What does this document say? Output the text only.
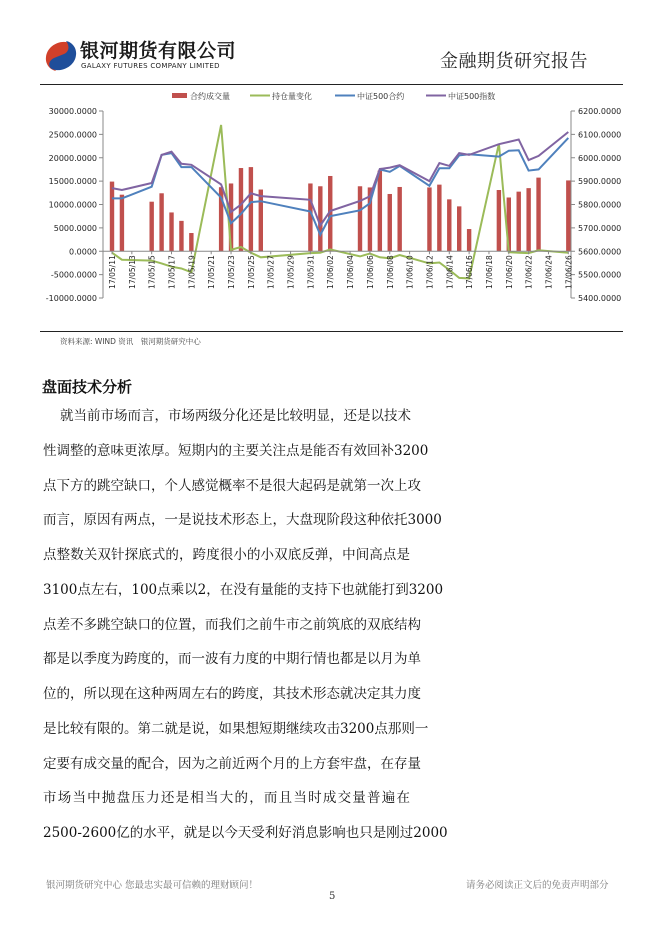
银河期货有限公司
GALAXY FUTURES COMPANY LIMITED	金融期货研究报告
合约成交量	持仓量变化	中证500合约	中证500指数
30000.0000
25000.0000
20000.0000
15000.0000
10000.0000
5000.0000
0.0000
-5000.0000
-10000.0000
6200.0000
6100.0000
6000.0000
5900.0000
5800.0000
5700.0000
5600.0000
5500.0000
5400.0000
17/05/11 17/05/13 17/05/15 17/05/17 17/05/19 17/05/21 17/05/23 17/05/25 17/05/27 17/05/29 17/05/31 17/06/02 17/06/04 17/06/06 17/06/08 17/06/10 17/06/12 17/06/14 17/06/16 17/06/18 17/06/20 17/06/22 17/06/24 17/06/26
资料来源: WIND 资讯　银河期货研究中心
盘面技术分析
就当前市场而言，市场两级分化还是比较明显，还是以技术
性调整的意味更浓厚。短期内的主要关注点是能否有效回补3200
点下方的跳空缺口，个人感觉概率不是很大起码是就第一次上攻
而言，原因有两点，一是说技术形态上，大盘现阶段这种依托3000
点整数关双针探底式的，跨度很小的小双底反弹，中间高点是
3100点左右，100点乘以2，在没有量能的支持下也就能打到3200
点差不多跳空缺口的位置，而我们之前牛市之前筑底的双底结构
都是以季度为跨度的，而一波有力度的中期行情也都是以月为单
位的，所以现在这种两周左右的跨度，其技术形态就决定其力度
是比较有限的。第二就是说，如果想短期继续攻击3200点那则一
定要有成交量的配合，因为之前近两个月的上方套牢盘，在存量
市场当中抛盘压力还是相当大的，而且当时成交量普遍在
2500-2600亿的水平，就是以今天受利好消息影响也只是刚过2000
银河期货研究中心 您最忠实最可信赖的理财顾问！	请务必阅读正文后的免责声明部分
5
